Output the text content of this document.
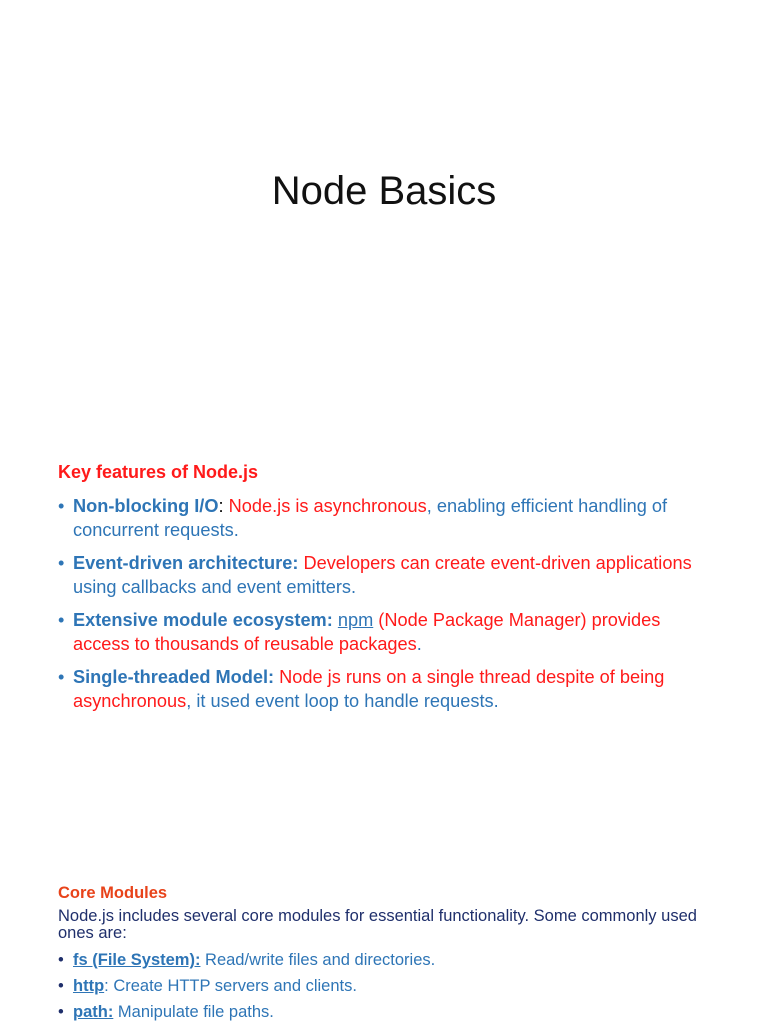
Node Basics
Key features of Node.js
• Non-blocking I/O: Node.js is asynchronous, enabling efficient handling of concurrent requests.
• Event-driven architecture: Developers can create event-driven applications using callbacks and event emitters.
• Extensive module ecosystem: npm (Node Package Manager) provides access to thousands of reusable packages.
• Single-threaded Model: Node js runs on a single thread despite of being asynchronous, it used event loop to handle requests.
Core Modules
Node.js includes several core modules for essential functionality. Some commonly used ones are:
• fs (File System): Read/write files and directories.
• http: Create HTTP servers and clients.
• path: Manipulate file paths.
